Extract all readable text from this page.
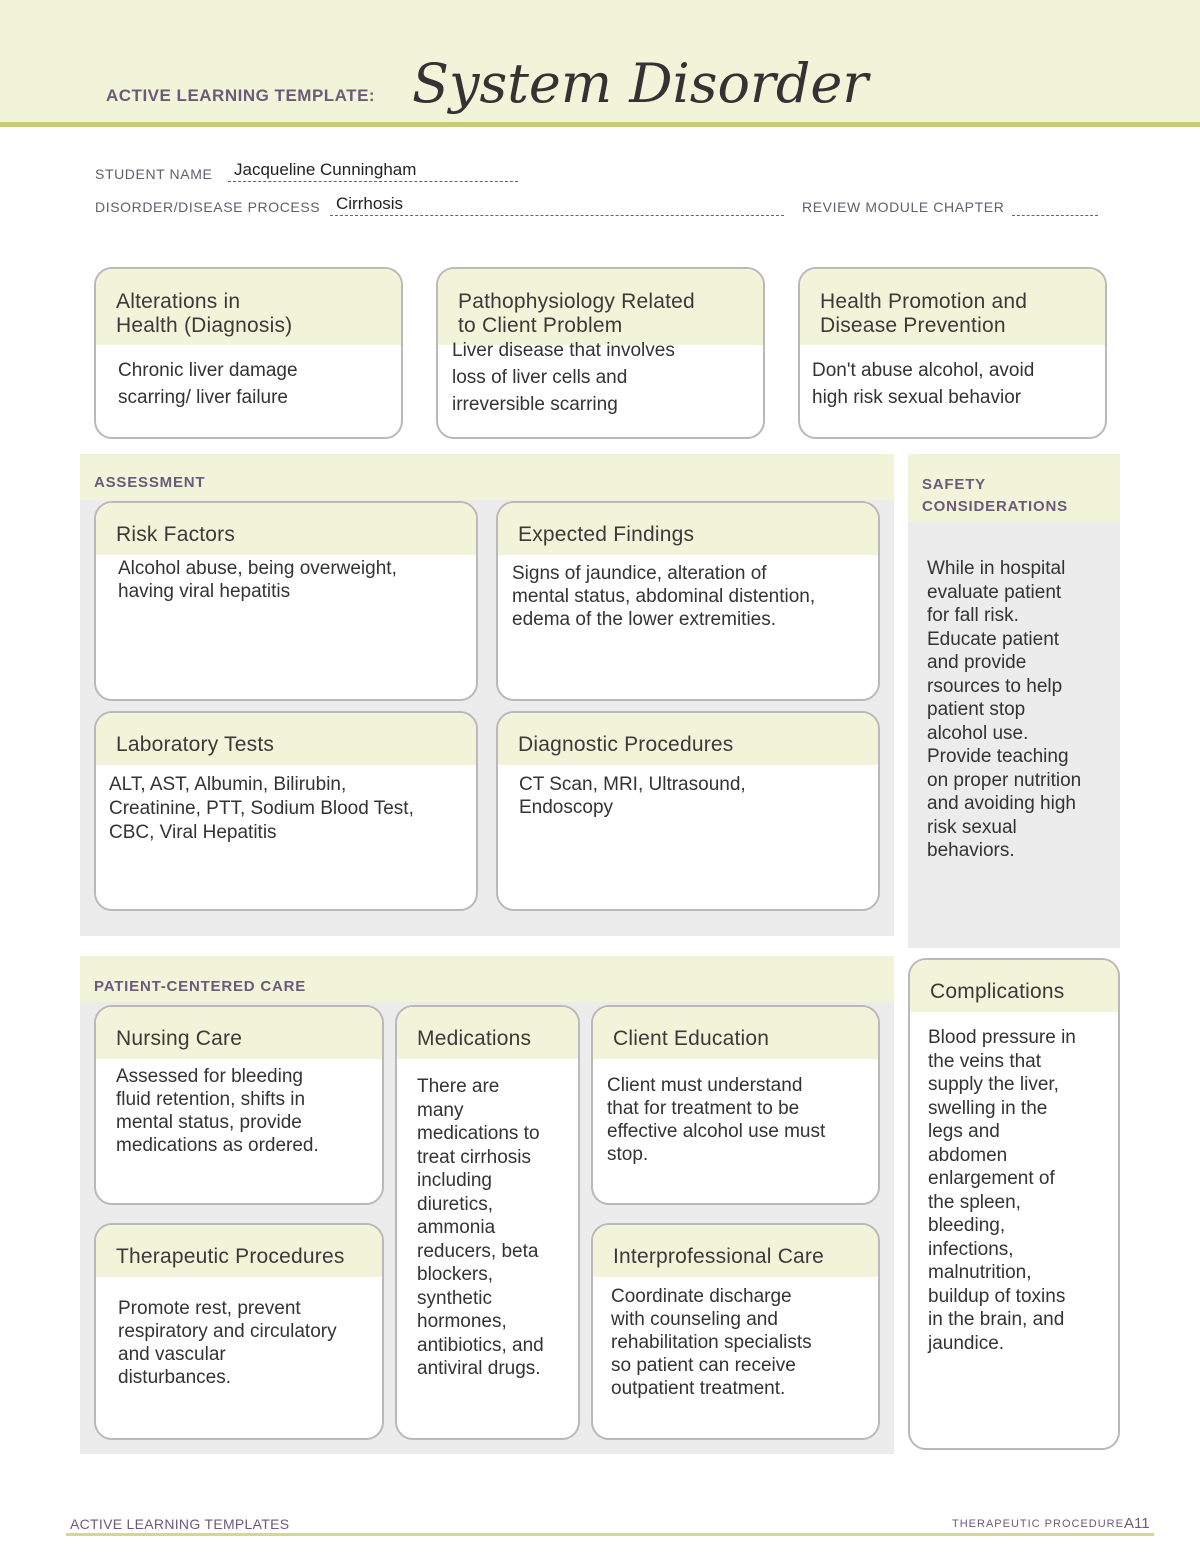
ACTIVE LEARNING TEMPLATE: System Disorder
STUDENT NAME	Jacqueline Cunningham
DISORDER/DISEASE PROCESS Cirrhosis	REVIEW MODULE CHAPTER
Alterations in
Health (Diagnosis)
Chronic liver damage
scarring/ liver failure
Pathophysiology Related
to Client Problem
Liver disease that involves
loss of liver cells and
irreversible scarring
Health Promotion and
Disease Prevention
Don't abuse alcohol, avoid
high risk sexual behavior
ASSESSMENT
Risk Factors
Alcohol abuse, being overweight,
having viral hepatitis
Expected Findings
Signs of jaundice, alteration of
mental status, abdominal distention,
edema of the lower extremities.
Laboratory Tests
ALT, AST, Albumin, Bilirubin,
Creatinine, PTT, Sodium Blood Test,
CBC, Viral Hepatitis
Diagnostic Procedures
CT Scan, MRI, Ultrasound,
Endoscopy
SAFETY
CONSIDERATIONS
While in hospital
evaluate patient
for fall risk.
Educate patient
and provide
rsources to help
patient stop
alcohol use.
Provide teaching
on proper nutrition
and avoiding high
risk sexual
behaviors.
PATIENT-CENTERED CARE
Nursing Care
Assessed for bleeding
fluid retention, shifts in
mental status, provide
medications as ordered.
Medications
There are
many
medications to
treat cirrhosis
including
diuretics,
ammonia
reducers, beta
blockers,
synthetic
hormones,
antibiotics, and
antiviral drugs.
Client Education
Client must understand
that for treatment to be
effective alcohol use must
stop.
Therapeutic Procedures
Promote rest, prevent
respiratory and circulatory
and vascular
disturbances.
Interprofessional Care
Coordinate discharge
with counseling and
rehabilitation specialists
so patient can receive
outpatient treatment.
Complications
Blood pressure in
the veins that
supply the liver,
swelling in the
legs and
abdomen
enlargement of
the spleen,
bleeding,
infections,
malnutrition,
buildup of toxins
in the brain, and
jaundice.
ACTIVE LEARNING TEMPLATES	THERAPEUTIC PROCEDURE A11
